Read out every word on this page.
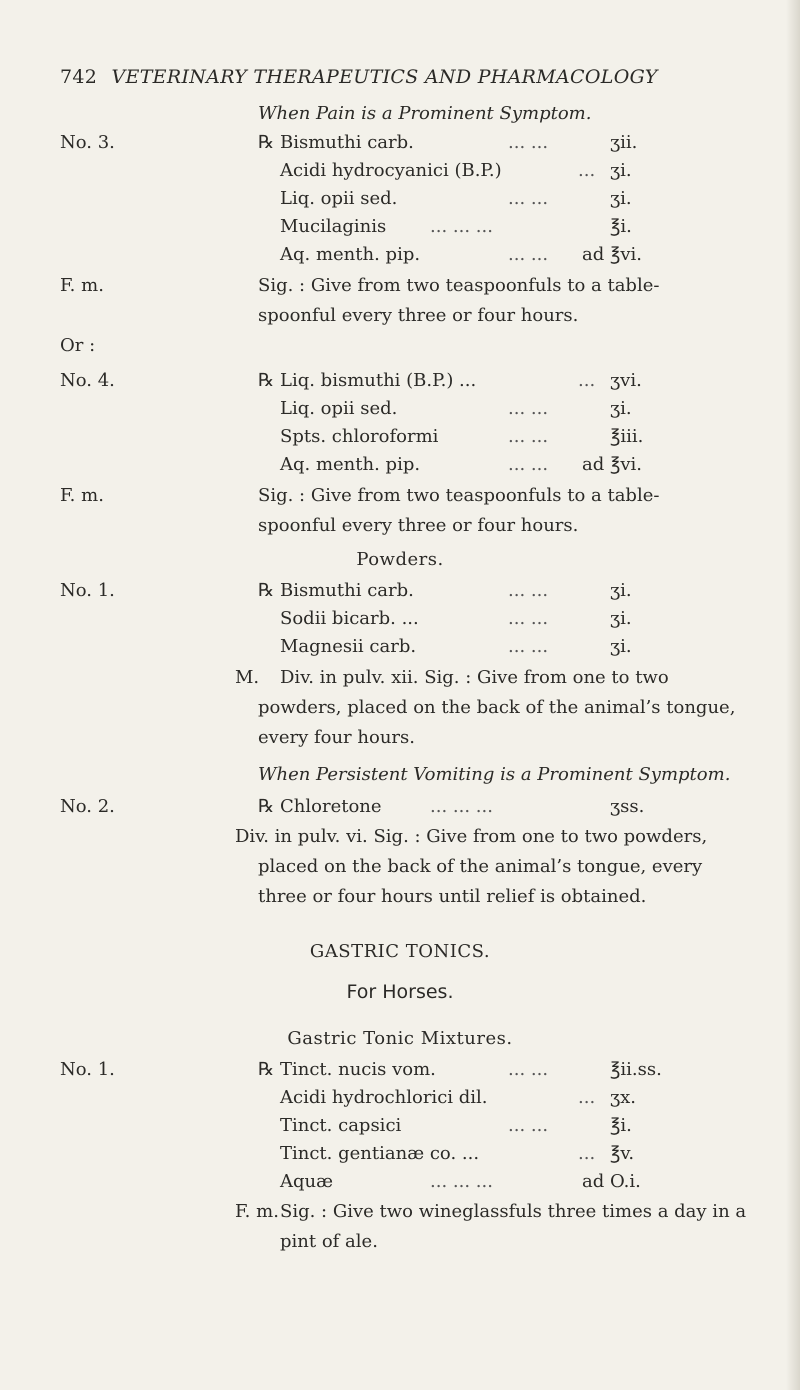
742 VETERINARY THERAPEUTICS AND PHARMACOLOGY
When Pain is a Prominent Symptom.
No. 3.	℞ Bismuthi carb.	... ...	ʒii.
Acidi hydrocyanici (B.P.)	... ʒi.
Liq. opii sed.	... ...	ʒi.
Mucilaginis ... ... ...	℥i.
Aq. menth. pip.	... ... ad ℥vi.
F. m.	Sig. : Give from two teaspoonfuls to a table-
spoonful every three or four hours.
Or :
No. 4.	℞ Liq. bismuthi (B.P.) ...	... ʒvi.
Liq. opii sed.	... ...	ʒi.
Spts. chloroformi	... ...	℥iii.
Aq. menth. pip.	... ... ad ℥vi.
F. m.	Sig. : Give from two teaspoonfuls to a table-
spoonful every three or four hours.
Powders.
No. 1.	℞ Bismuthi carb.	... ...	ʒi.
Sodii bicarb. ...	... ...	ʒi.
Magnesii carb.	... ...	ʒi.
M. Div. in pulv. xii. Sig. : Give from one to two
powders, placed on the back of the animal’s tongue,
every four hours.
When Persistent Vomiting is a Prominent Symptom.
No. 2.	℞ Chloretone	... ... ...	ʒss.
Div. in pulv. vi. Sig. : Give from one to two powders,
placed on the back of the animal’s tongue, every
three or four hours until relief is obtained.
GASTRIC TONICS.
For Horses.
Gastric Tonic Mixtures.
No. 1.	℞ Tinct. nucis vom.	... ...	℥ii.ss.
Acidi hydrochlorici dil.	... ʒx.
Tinct. capsici	... ...	℥i.
Tinct. gentianæ co. ...	... ℥v.
Aquæ	... ... ...	ad O.i.
F. m. Sig. : Give two wineglassfuls three times a day in a
pint of ale.
